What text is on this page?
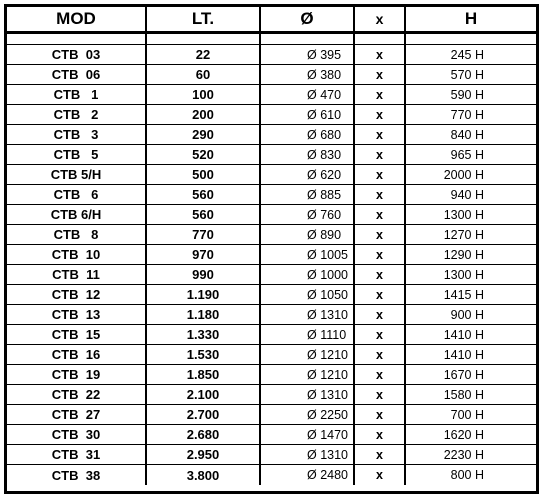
MOD	LT.	Ø	x	H
CTB  03	22	Ø 395	x	245 H
CTB  06	60	Ø 380	x	570 H
CTB   1	100	Ø 470	x	590 H
CTB   2	200	Ø 610	x	770 H
CTB   3	290	Ø 680	x	840 H
CTB   5	520	Ø 830	x	965 H
CTB 5/H	500	Ø 620	x	2000 H
CTB   6	560	Ø 885	x	940 H
CTB 6/H	560	Ø 760	x	1300 H
CTB   8	770	Ø 890	x	1270 H
CTB  10	970	Ø 1005	x	1290 H
CTB  11	990	Ø 1000	x	1300 H
CTB  12	1.190	Ø 1050	x	1415 H
CTB  13	1.180	Ø 1310	x	900 H
CTB  15	1.330	Ø 1110	x	1410 H
CTB  16	1.530	Ø 1210	x	1410 H
CTB  19	1.850	Ø 1210	x	1670 H
CTB  22	2.100	Ø 1310	x	1580 H
CTB  27	2.700	Ø 2250	x	700 H
CTB  30	2.680	Ø 1470	x	1620 H
CTB  31	2.950	Ø 1310	x	2230 H
CTB  38	3.800	Ø 2480	x	800 H
